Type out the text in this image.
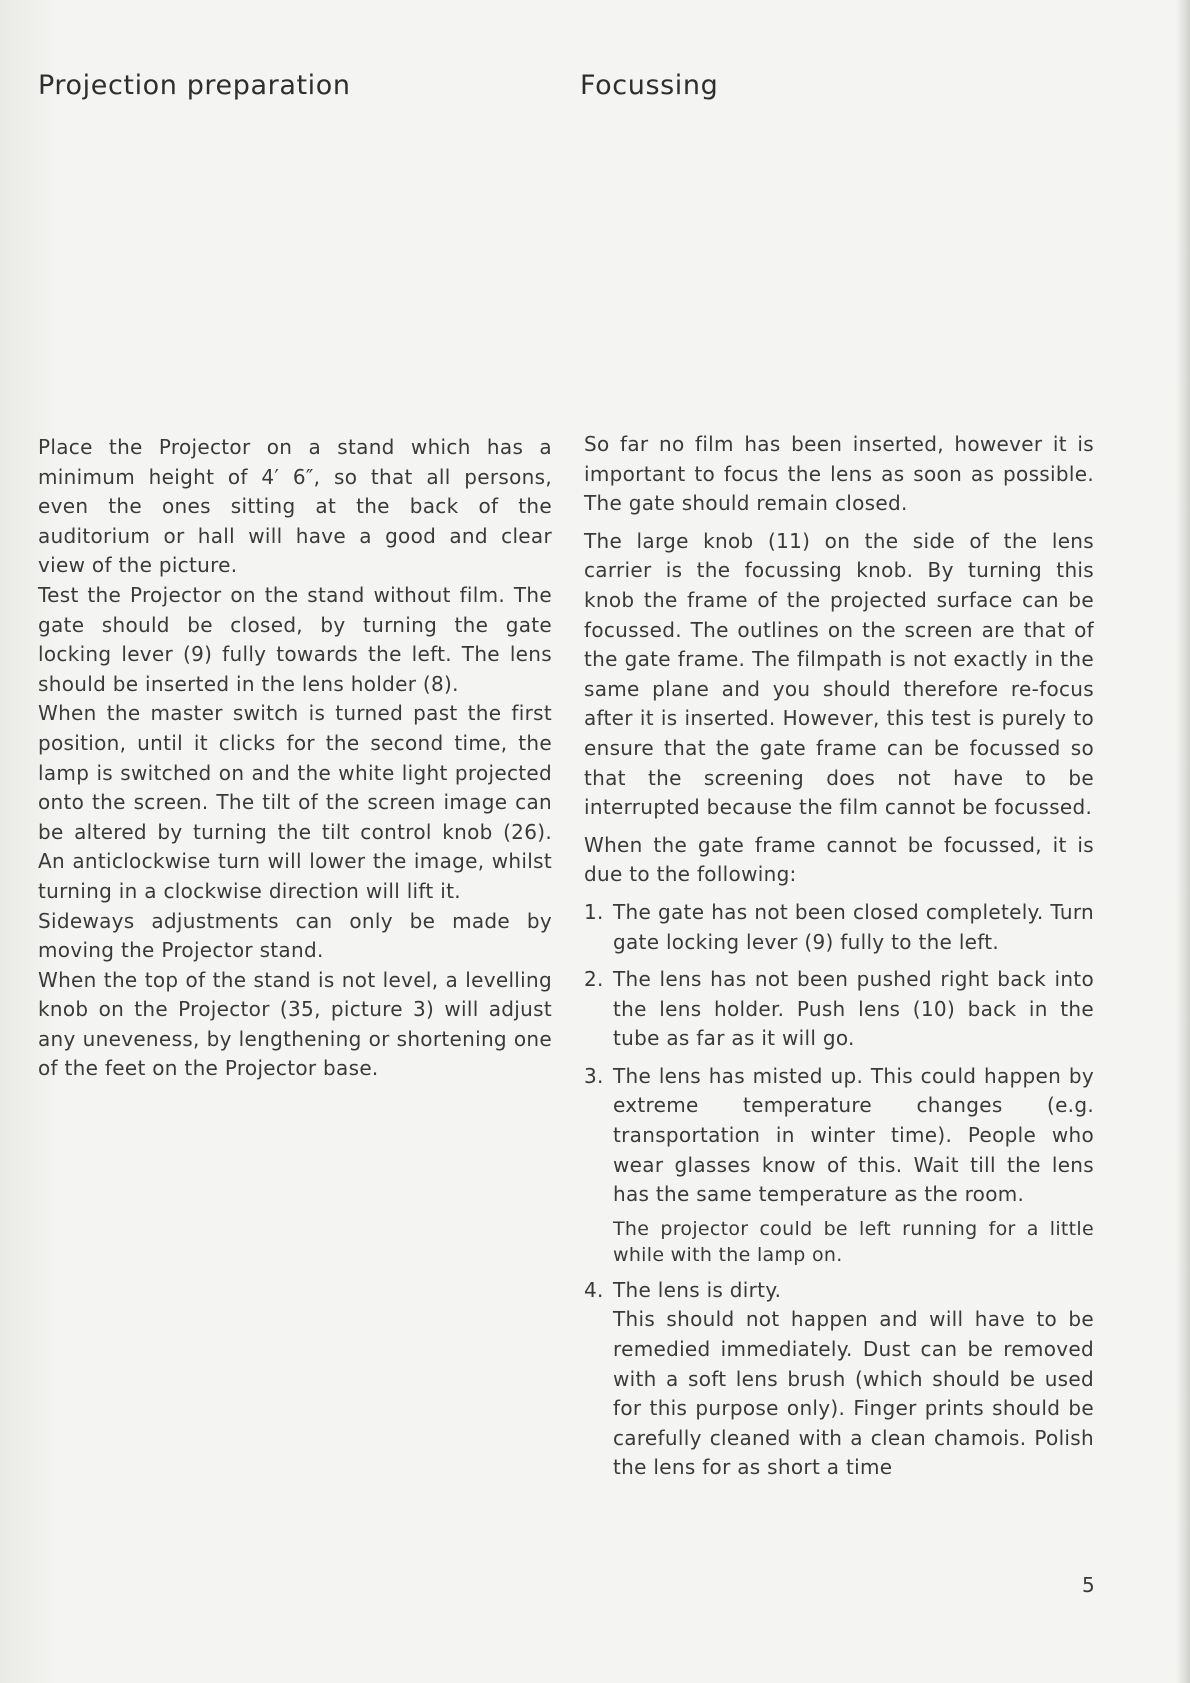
Projection preparation	Focussing

Place the Projector on a stand which has a minimum height of 4′ 6″, so that all persons, even the ones sitting at the back of the auditorium or hall will have a good and clear view of the picture.

Test the Projector on the stand without film. The gate should be closed, by turning the gate locking lever (9) fully towards the left. The lens should be inserted in the lens holder (8).

When the master switch is turned past the first position, until it clicks for the second time, the lamp is switched on and the white light projected onto the screen. The tilt of the screen image can be altered by turning the tilt control knob (26). An anticlockwise turn will lower the image, whilst turning in a clockwise direction will lift it.

Sideways adjustments can only be made by moving the Projector stand.

When the top of the stand is not level, a levelling knob on the Projector (35, picture 3) will adjust any uneveness, by lengthening or shortening one of the feet on the Projector base.

So far no film has been inserted, however it is important to focus the lens as soon as possible. The gate should remain closed.

The large knob (11) on the side of the lens carrier is the focussing knob. By turning this knob the frame of the projected surface can be focussed. The outlines on the screen are that of the gate frame. The filmpath is not exactly in the same plane and you should therefore re-focus after it is inserted. However, this test is purely to ensure that the gate frame can be focussed so that the screening does not have to be interrupted because the film cannot be focussed.

When the gate frame cannot be focussed, it is due to the following:

1. The gate has not been closed completely. Turn gate locking lever (9) fully to the left.
2. The lens has not been pushed right back into the lens holder. Push lens (10) back in the tube as far as it will go.
3. The lens has misted up. This could happen by extreme temperature changes (e.g. transportation in winter time). People who wear glasses know of this. Wait till the lens has the same temperature as the room.
The projector could be left running for a little while with the lamp on.
4. The lens is dirty.
This should not happen and will have to be remedied immediately. Dust can be removed with a soft lens brush (which should be used for this purpose only). Finger prints should be carefully cleaned with a clean chamois. Polish the lens for as short a time
5
